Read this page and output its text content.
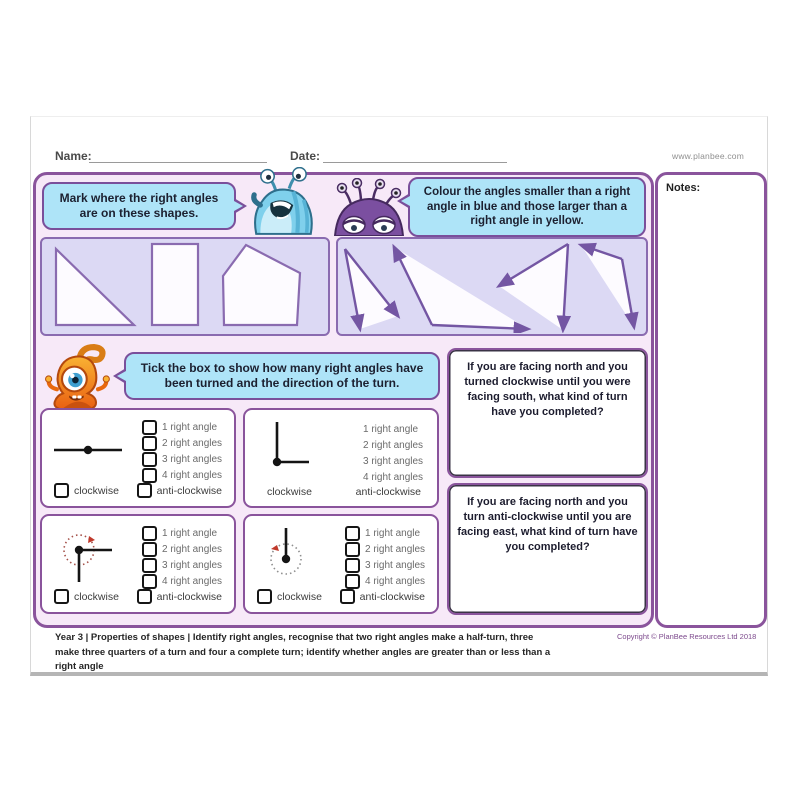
Name:	Date:	www.planbee.com
Notes:
Mark where the right angles are on these shapes.
Colour the angles smaller than a right angle in blue and those larger than a right angle in yellow.
Tick the box to show how many right angles have been turned and the direction of the turn.
1 right angle
2 right angles
3 right angles
4 right angles
clockwise	anti-clockwise
1 right angle
2 right angles
3 right angles
4 right angles
clockwise	anti-clockwise
1 right angle
2 right angles
3 right angles
4 right angles
clockwise	anti-clockwise
1 right angle
2 right angles
3 right angles
4 right angles
clockwise	anti-clockwise
If you are facing north and you turned clockwise until you were facing south, what kind of turn have you completed?
If you are facing north and you turn anti-clockwise until you are facing east, what kind of turn have you completed?
Year 3 | Properties of shapes | Identify right angles, recognise that two right angles make a half-turn, three make three quarters of a turn and four a complete turn; identify whether angles are greater than or less than a right angle
Copyright © PlanBee Resources Ltd 2018
